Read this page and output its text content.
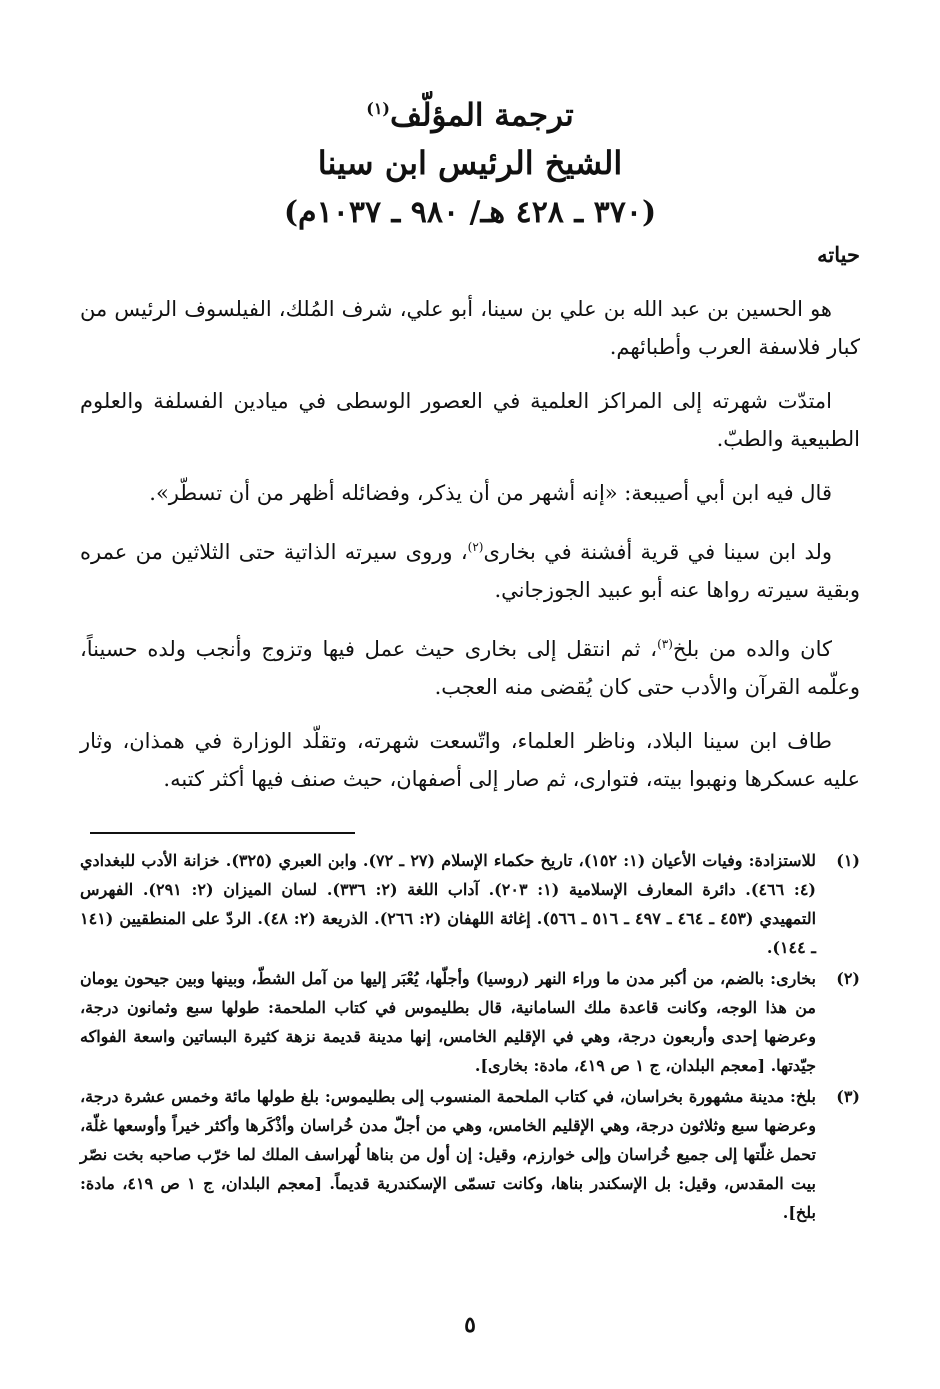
ترجمة المؤلّف$^{(١)}$
الشيخ الرئيس ابن سينا
(٣٧٠ ـ ٤٢٨ هـ/ ٩٨٠ ـ ١٠٣٧م)
حياته

هو الحسين بن عبد الله بن علي بن سينا، أبو علي، شرف المُلك، الفيلسوف الرئيس من كبار فلاسفة العرب وأطبائهم.

امتدّت شهرته إلى المراكز العلمية في العصور الوسطى في ميادين الفسلفة والعلوم الطبيعية والطبّ.

قال فيه ابن أبي أصيبعة: «إنه أشهر من أن يذكر، وفضائله أظهر من أن تسطّر».

ولد ابن سينا في قرية أفشنة في بخارى$^{(٢)}$، وروى سيرته الذاتية حتى الثلاثين من عمره وبقية سيرته رواها عنه أبو عبيد الجوزجاني.

كان والده من بلخ$^{(٣)}$، ثم انتقل إلى بخارى حيث عمل فيها وتزوج وأنجب ولده حسيناً، وعلّمه القرآن والأدب حتى كان يُقضى منه العجب.

طاف ابن سينا البلاد، وناظر العلماء، واتّسعت شهرته، وتقلّد الوزارة في همذان، وثار عليه عسكرها ونهبوا بيته، فتوارى، ثم صار إلى أصفهان، حيث صنف فيها أكثر كتبه.

(١)
للاستزادة: وفيات الأعيان (١: ١٥٢)، تاريخ حكماء الإسلام (٢٧ ـ ٧٢). وابن العبري (٣٢٥). خزانة الأدب للبغدادي (٤: ٤٦٦). دائرة المعارف الإسلامية (١: ٢٠٣). آداب اللغة (٢: ٣٣٦). لسان الميزان (٢: ٢٩١). الفهرس التمهيدي (٤٥٣ ـ ٤٦٤ ـ ٤٩٧ ـ ٥١٦ ـ ٥٦٦). إغاثة اللهفان (٢: ٢٦٦). الذريعة (٢: ٤٨). الردّ على المنطقيين (١٤١ ـ ١٤٤).
(٢)
بخارى: بالضم، من أكبر مدن ما وراء النهر (روسيا) وأجلّها، يُعْبَر إليها من آمل الشطّ، وبينها وبين جيحون يومان من هذا الوجه، وكانت قاعدة ملك السامانية، قال بطليموس في كتاب الملحمة: طولها سبع وثمانون درجة، وعرضها إحدى وأربعون درجة، وهي في الإقليم الخامس، إنها مدينة قديمة نزهة كثيرة البساتين واسعة الفواكه جيّدتها. [معجم البلدان، ج ١ ص ٤١٩، مادة: بخارى].
(٣)
بلخ: مدينة مشهورة بخراسان، في كتاب الملحمة المنسوب إلى بطليموس: بلغ طولها مائة وخمس عشرة درجة، وعرضها سبع وثلاثون درجة، وهي الإقليم الخامس، وهي من أجلّ مدن خُراسان وأذْكَرها وأكثر خيراً وأوسعها غلّة، تحمل غلّتها إلى جميع خُراسان وإلى خوارزم، وقيل: إن أول من بناها لُهراسف الملك لما خرّب صاحبه بخت نصّر بيت المقدس، وقيل: بل الإسكندر بناها، وكانت تسمّى الإسكندرية قديماً. [معجم البلدان، ج ١ ص ٤١٩، مادة: بلخ].
٥
